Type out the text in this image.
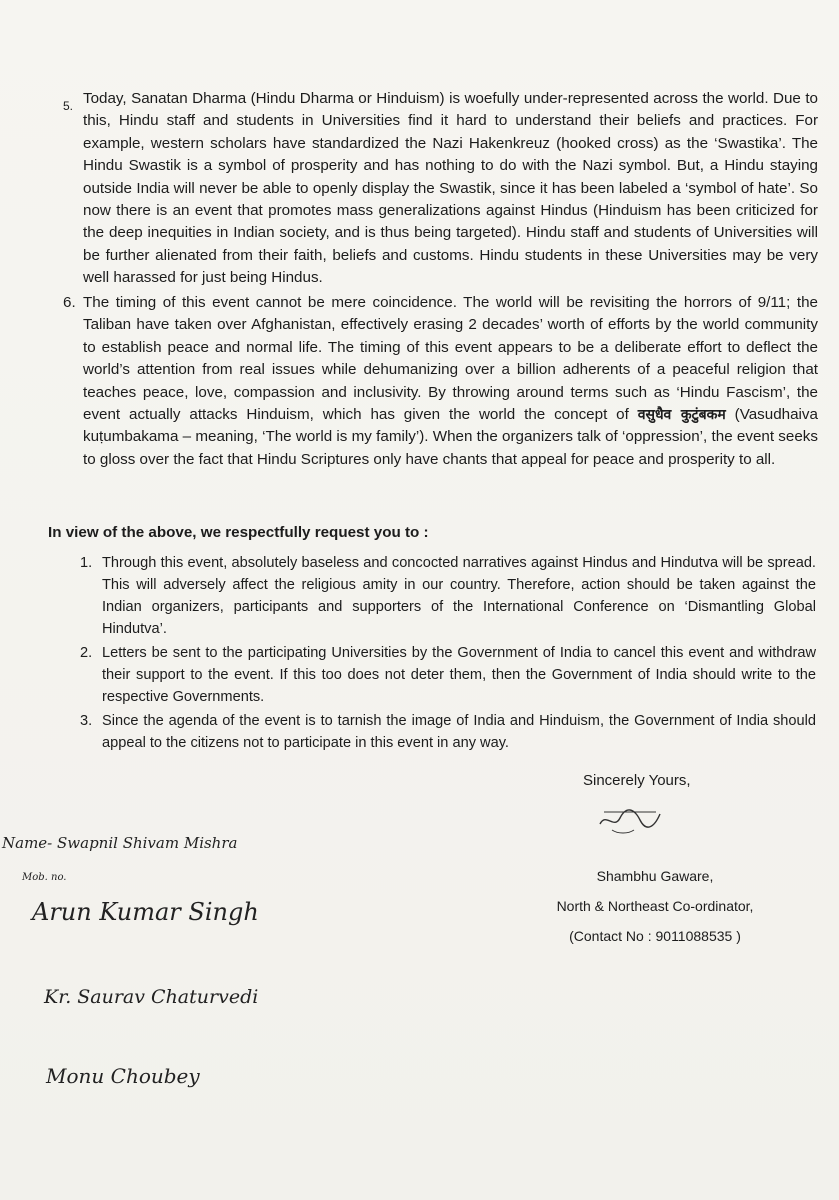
5. Today, Sanatan Dharma (Hindu Dharma or Hinduism) is woefully under-represented across the world. Due to this, Hindu staff and students in Universities find it hard to understand their beliefs and practices. For example, western scholars have standardized the Nazi Hakenkreuz (hooked cross) as the ‘Swastika’. The Hindu Swastik is a symbol of prosperity and has nothing to do with the Nazi symbol. But, a Hindu staying outside India will never be able to openly display the Swastik, since it has been labeled a ‘symbol of hate’. So now there is an event that promotes mass generalizations against Hindus (Hinduism has been criticized for the deep inequities in Indian society, and is thus being targeted). Hindu staff and students of Universities will be further alienated from their faith, beliefs and customs. Hindu students in these Universities may be very well harassed for just being Hindus.
6. The timing of this event cannot be mere coincidence. The world will be revisiting the horrors of 9/11; the Taliban have taken over Afghanistan, effectively erasing 2 decades’ worth of efforts by the world community to establish peace and normal life. The timing of this event appears to be a deliberate effort to deflect the world’s attention from real issues while dehumanizing over a billion adherents of a peaceful religion that teaches peace, love, compassion and inclusivity. By throwing around terms such as ‘Hindu Fascism’, the event actually attacks Hinduism, which has given the world the concept of वसुधैव कुटुंबकम (Vasudhaiva kuṭumbakama – meaning, ‘The world is my family’). When the organizers talk of ‘oppression’, the event seeks to gloss over the fact that Hindu Scriptures only have chants that appeal for peace and prosperity to all.
In view of the above, we respectfully request you to :
1. Through this event, absolutely baseless and concocted narratives against Hindus and Hindutva will be spread. This will adversely affect the religious amity in our country. Therefore, action should be taken against the Indian organizers, participants and supporters of the International Conference on ‘Dismantling Global Hindutva’.
2. Letters be sent to the participating Universities by the Government of India to cancel this event and withdraw their support to the event. If this too does not deter them, then the Government of India should write to the respective Governments.
3. Since the agenda of the event is to tarnish the image of India and Hinduism, the Government of India should appeal to the citizens not to participate in this event in any way.
Sincerely Yours,
Shambhu Gaware,
North & Northeast Co-ordinator,
(Contact No : 9011088535 )
Name- Swapnil Shivam Mishra
Mob. no.
Arun Kumar Singh
Kr. Saurav Chaturvedi
Monu Choubey
